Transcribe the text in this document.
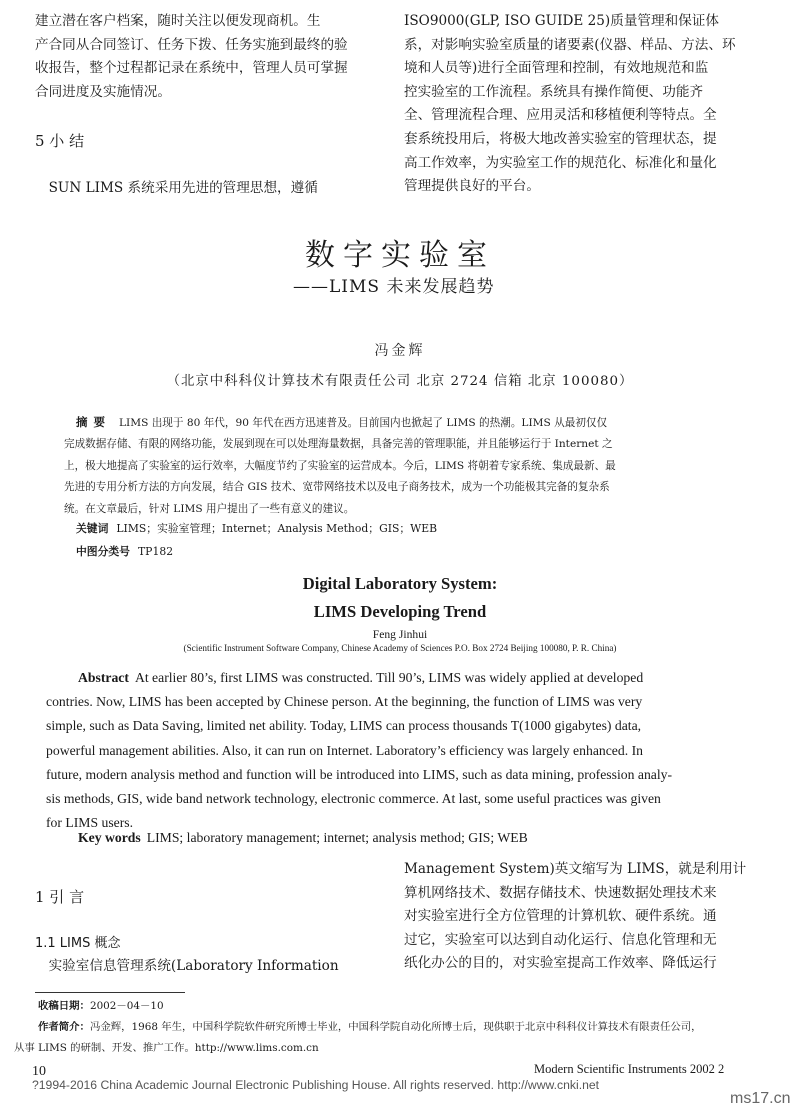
建立潜在客户档案，随时关注以便发现商机。生

产合同从合同签订、任务下拨、任务实施到最终的验

收报告，整个过程都记录在系统中，管理人员可掌握

合同进度及实施情况。

5 小 结
SUN LIMS 系统采用先进的管理思想，遵循

ISO9000(GLP, ISO GUIDE 25)质量管理和保证体

系，对影响实验室质量的诸要素(仪器、样品、方法、环

境和人员等)进行全面管理和控制，有效地规范和监

控实验室的工作流程。系统具有操作简便、功能齐

全、管理流程合理、应用灵活和移植便利等特点。全

套系统投用后，将极大地改善实验室的管理状态，提

高工作效率，为实验室工作的规范化、标准化和量化

管理提供良好的平台。

数字实验室
——LIMS 未来发展趋势
冯金辉
（北京中科科仪计算技术有限责任公司 北京 2724 信箱 北京 100080）
摘要 LIMS 出现于 80 年代，90 年代在西方迅速普及。目前国内也掀起了 LIMS 的热潮。LIMS 从最初仅仅
完成数据存储、有限的网络功能，发展到现在可以处理海量数据，具备完善的管理职能，并且能够运行于 Internet 之
上，极大地提高了实验室的运行效率，大幅度节约了实验室的运营成本。今后，LIMS 将朝着专家系统、集成最新、最
先进的专用分析方法的方向发展，结合 GIS 技术、宽带网络技术以及电子商务技术，成为一个功能极其完备的复杂系
统。在文章最后，针对 LIMS 用户提出了一些有意义的建议。
关键词 LIMS；实验室管理；Internet；Analysis Method；GIS；WEB
中图分类号 TP182
Digital Laboratory System:
LIMS Developing Trend
Feng Jinhui
(Scientific Instrument Software Company, Chinese Academy of Sciences P.O. Box 2724 Beijing 100080, P. R. China)
Abstract At earlier 80’s, first LIMS was constructed. Till 90’s, LIMS was widely applied at developed
contries. Now, LIMS has been accepted by Chinese person. At the beginning, the function of LIMS was very
simple, such as Data Saving, limited net ability. Today, LIMS can process thousands T(1000 gigabytes) data,
powerful management abilities. Also, it can run on Internet. Laboratory’s efficiency was largely enhanced. In
future, modern analysis method and function will be introduced into LIMS, such as data mining, profession analy-
sis methods, GIS, wide band network technology, electronic commerce. At last, some useful practices was given
for LIMS users.
Key words LIMS; laboratory management; internet; analysis method; GIS; WEB
1 引 言
1.1 LIMS 概念
实验室信息管理系统(Laboratory Information

Management System)英文缩写为 LIMS，就是利用计

算机网络技术、数据存储技术、快速数据处理技术来

对实验室进行全方位管理的计算机软、硬件系统。通

过它，实验室可以达到自动化运行、信息化管理和无

纸化办公的目的，对实验室提高工作效率、降低运行

收稿日期：2002－04－10
作者简介：冯金辉，1968 年生，中国科学院软件研究所博士毕业，中国科学院自动化所博士后，现供职于北京中科科仪计算技术有限责任公司，
从事 LIMS 的研制、开发、推广工作。http://www.lims.com.cn
10	Modern Scientific Instruments 2002 2
?1994-2016 China Academic Journal Electronic Publishing House. All rights reserved. http://www.cnki.net
ms17.cn
